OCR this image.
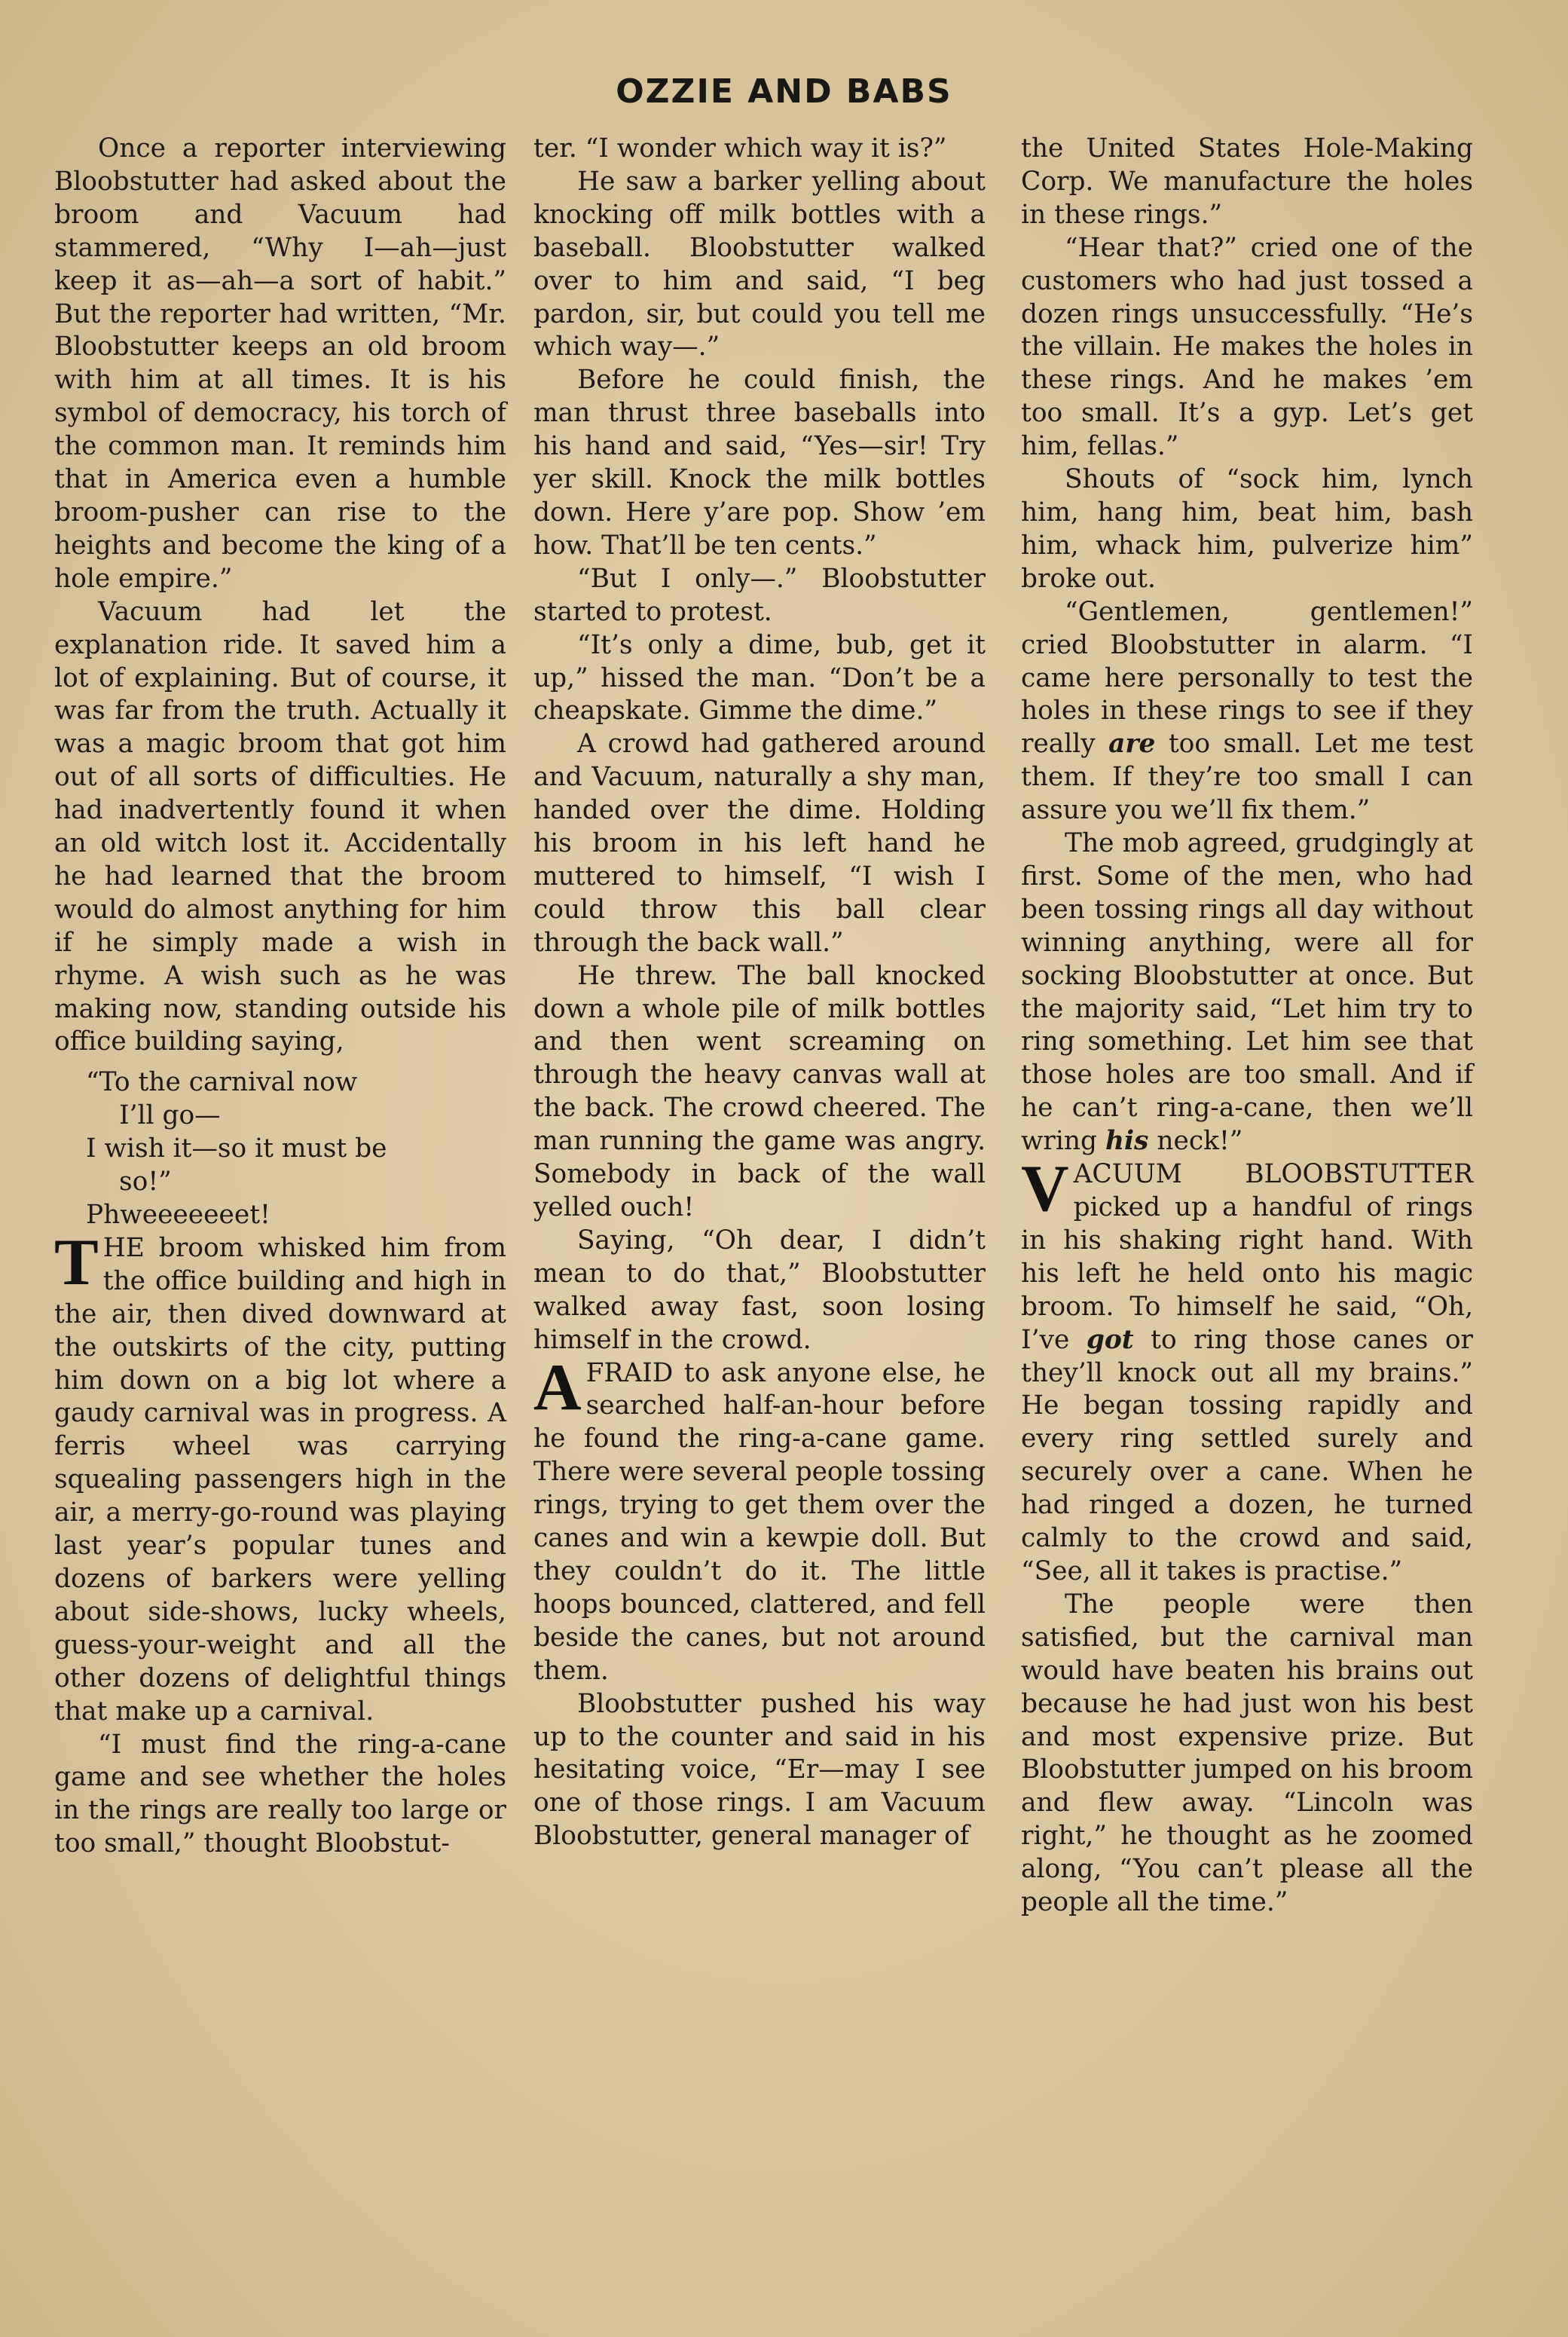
OZZIE AND BABS

Once a reporter interviewing Bloobstutter had asked about the broom and Vacuum had stammered, “Why I—ah—just keep it as—ah—a sort of habit.” But the reporter had written, “Mr. Bloobstutter keeps an old broom with him at all times. It is his symbol of democracy, his torch of the common man. It reminds him that in America even a humble broom-pusher can rise to the heights and become the king of a hole empire.”

Vacuum had let the explanation ride. It saved him a lot of explaining. But of course, it was far from the truth. Actually it was a magic broom that got him out of all sorts of difficulties. He had inadvertently found it when an old witch lost it. Accidentally he had learned that the broom would do almost anything for him if he simply made a wish in rhyme. A wish such as he was making now, standing outside his office building saying,

“To the carnival now
I’ll go—
I wish it—so it must be
so!”
Phweeeeeeet!

THE broom whisked him from the office building and high in the air, then dived downward at the outskirts of the city, putting him down on a big lot where a gaudy carnival was in progress. A ferris wheel was carrying squealing passengers high in the air, a merry-go-round was playing last year’s popular tunes and dozens of barkers were yelling about side-shows, lucky wheels, guess-your-weight and all the other dozens of delightful things that make up a carnival.

“I must find the ring-a-cane game and see whether the holes in the rings are really too large or too small,” thought Bloobstut-

ter. “I wonder which way it is?”

He saw a barker yelling about knocking off milk bottles with a baseball. Bloobstutter walked over to him and said, “I beg pardon, sir, but could you tell me which way—.”

Before he could finish, the man thrust three baseballs into his hand and said, “Yes—sir! Try yer skill. Knock the milk bottles down. Here y’are pop. Show ’em how. That’ll be ten cents.”

“But I only—.” Bloobstutter started to protest.

“It’s only a dime, bub, get it up,” hissed the man. “Don’t be a cheapskate. Gimme the dime.”

A crowd had gathered around and Vacuum, naturally a shy man, handed over the dime. Holding his broom in his left hand he muttered to himself, “I wish I could throw this ball clear through the back wall.”

He threw. The ball knocked down a whole pile of milk bottles and then went screaming on through the heavy canvas wall at the back. The crowd cheered. The man running the game was angry. Somebody in back of the wall yelled ouch!

Saying, “Oh dear, I didn’t mean to do that,” Bloobstutter walked away fast, soon losing himself in the crowd.

AFRAID to ask anyone else, he searched half-an-hour before he found the ring-a-cane game. There were several people tossing rings, trying to get them over the canes and win a kewpie doll. But they couldn’t do it. The little hoops bounced, clattered, and fell beside the canes, but not around them.

Bloobstutter pushed his way up to the counter and said in his hesitating voice, “Er—may I see one of those rings. I am Vacuum Bloobstutter, general manager of

the United States Hole-Making Corp. We manufacture the holes in these rings.”

“Hear that?” cried one of the customers who had just tossed a dozen rings unsuccessfully. “He’s the villain. He makes the holes in these rings. And he makes ’em too small. It’s a gyp. Let’s get him, fellas.”

Shouts of “sock him, lynch him, hang him, beat him, bash him, whack him, pulverize him” broke out.

“Gentlemen, gentlemen!” cried Bloobstutter in alarm. “I came here personally to test the holes in these rings to see if they really are too small. Let me test them. If they’re too small I can assure you we’ll fix them.”

The mob agreed, grudgingly at first. Some of the men, who had been tossing rings all day without winning anything, were all for socking Bloobstutter at once. But the majority said, “Let him try to ring something. Let him see that those holes are too small. And if he can’t ring-a-cane, then we’ll wring his neck!”

VACUUM BLOOBSTUTTER picked up a handful of rings in his shaking right hand. With his left he held onto his magic broom. To himself he said, “Oh, I’ve got to ring those canes or they’ll knock out all my brains.” He began tossing rapidly and every ring settled surely and securely over a cane. When he had ringed a dozen, he turned calmly to the crowd and said, “See, all it takes is practise.”

The people were then satisfied, but the carnival man would have beaten his brains out because he had just won his best and most expensive prize. But Bloobstutter jumped on his broom and flew away. “Lincoln was right,” he thought as he zoomed along, “You can’t please all the people all the time.”
